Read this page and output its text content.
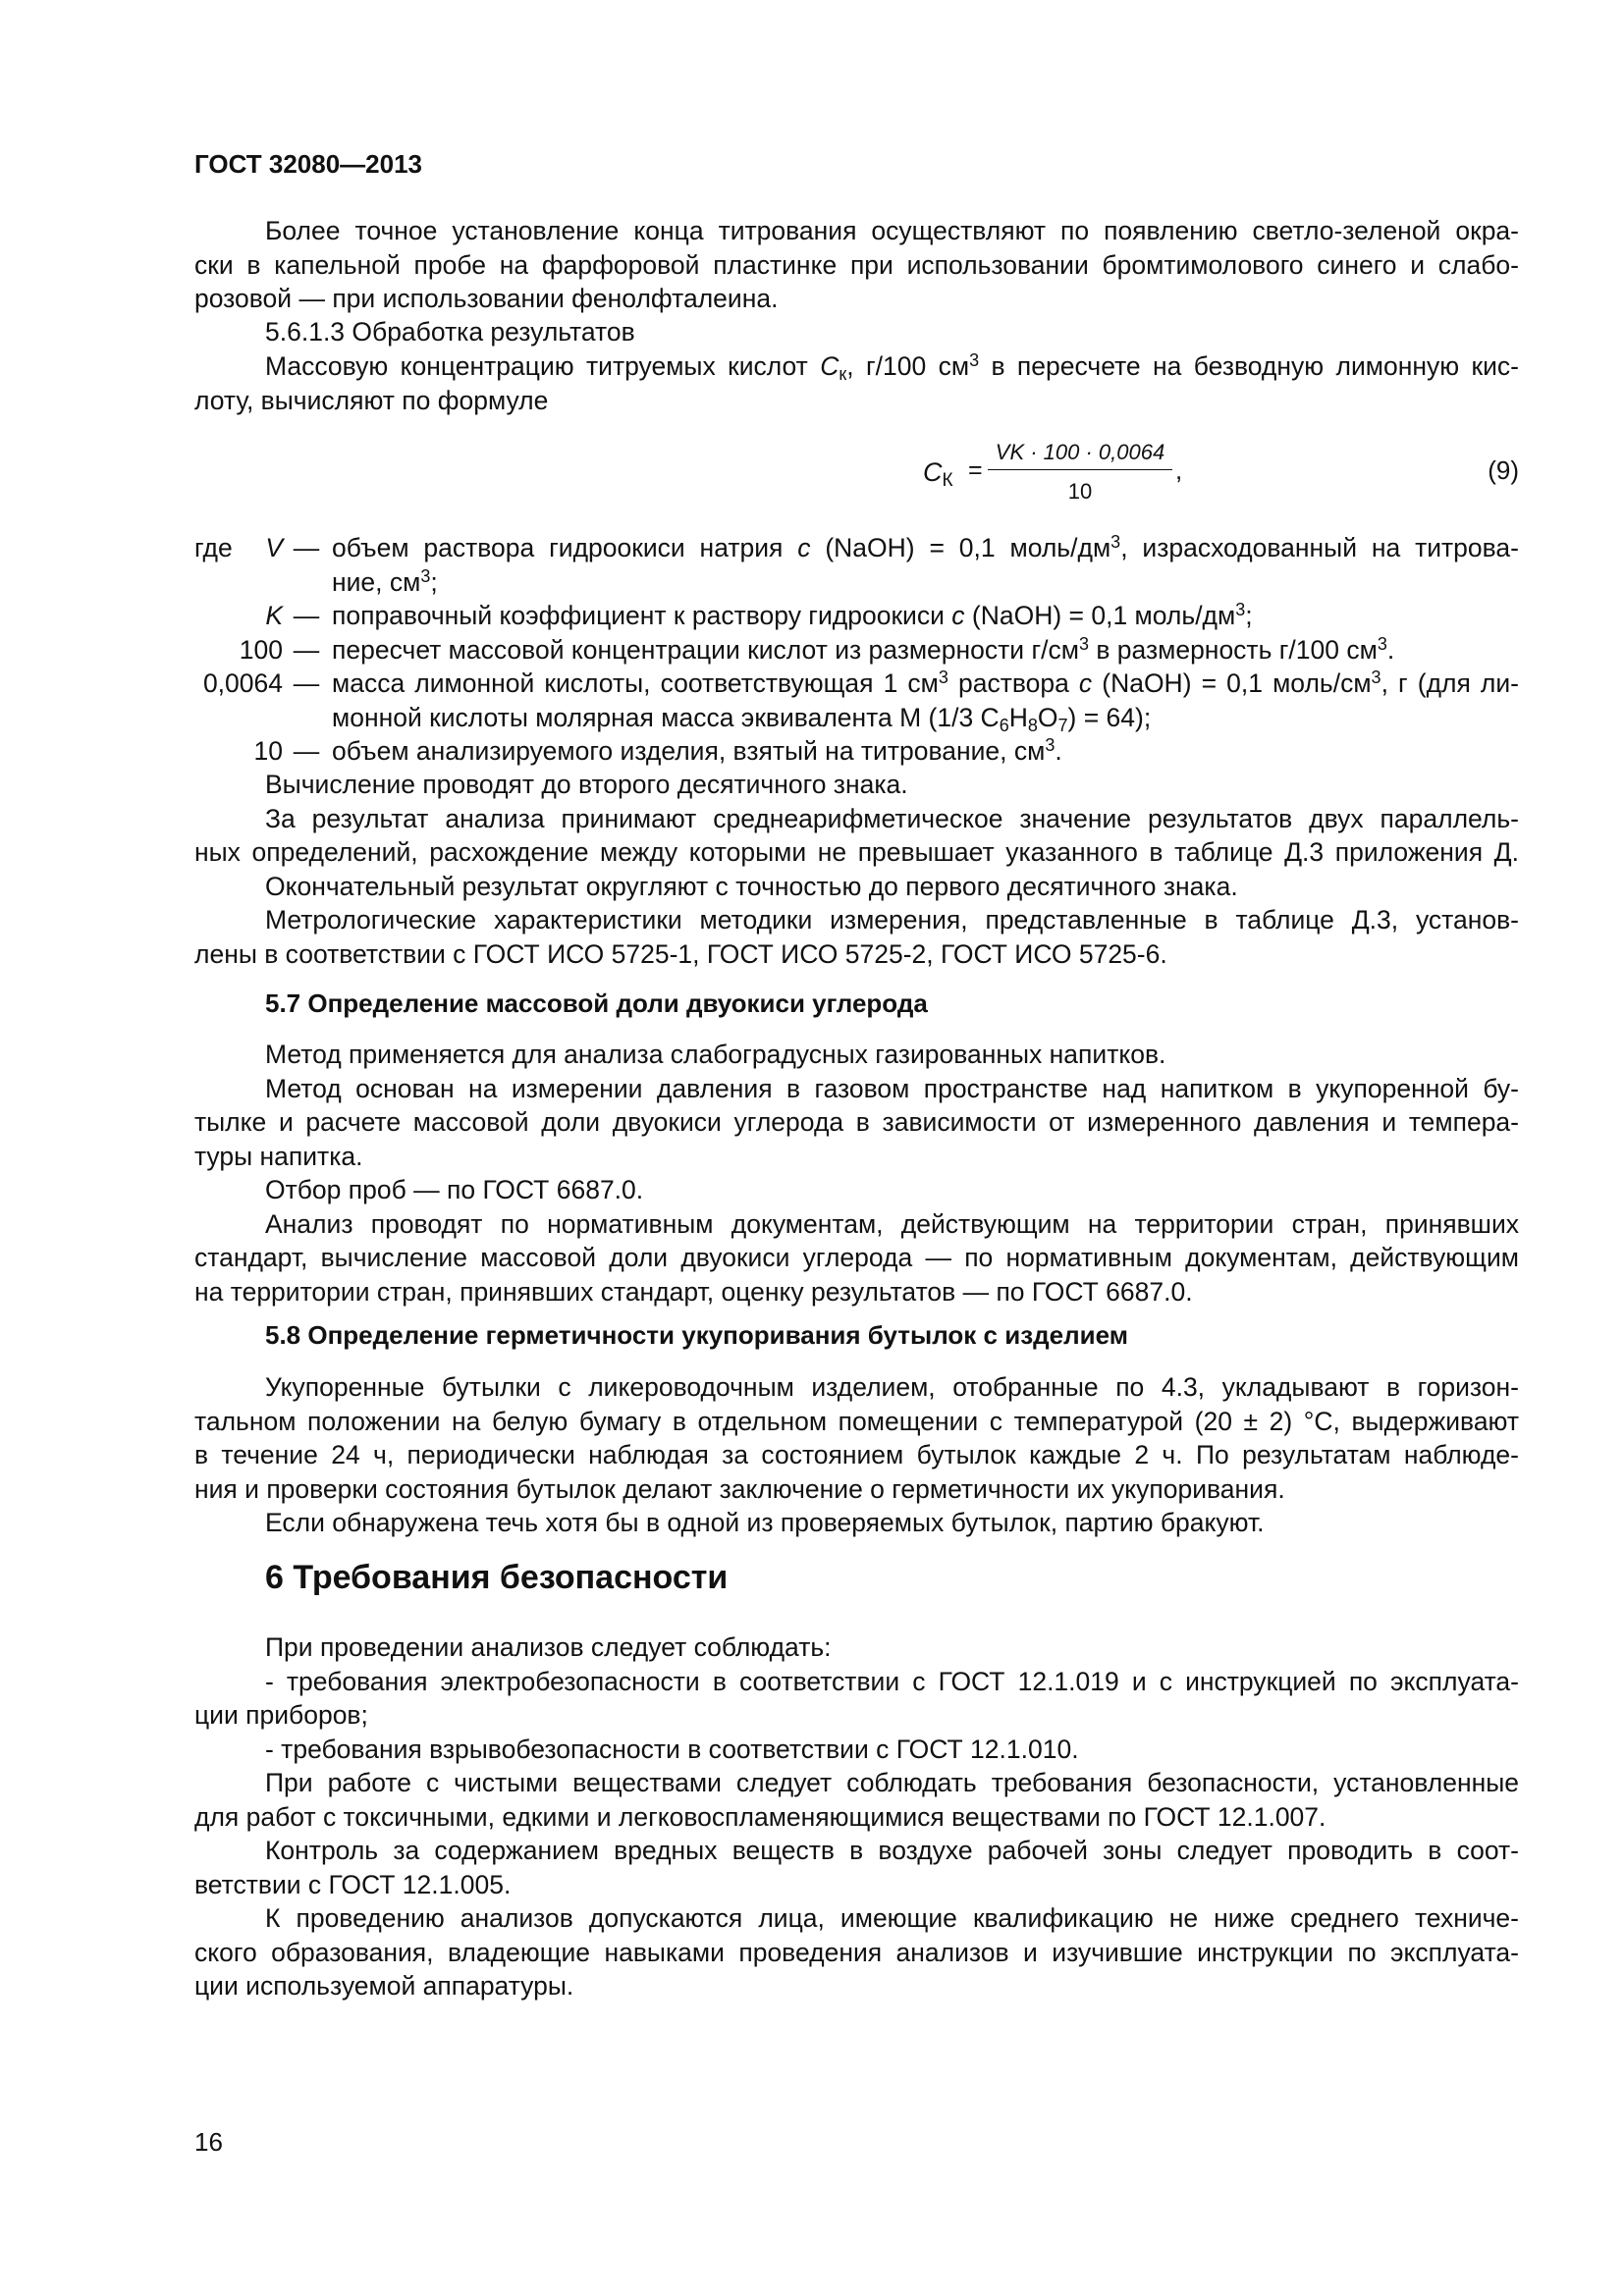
ГОСТ 32080—2013
Более точное установление конца титрования осуществляют по появлению светло-зеленой окра-
ски в капельной пробе на фарфоровой пластинке при использовании бромтимолового синего и слабо-
розовой — при использовании фенолфталеина.
5.6.1.3 Обработка результатов
Массовую концентрацию титруемых кислот $С_к$, г/100 $см^3$ в пересчете на безводную лимонную кис-
лоту, вычисляют по формуле
$С_К$ =
VK · 100 · 0,0064
10
,	(9)
где	V — объем раствора гидроокиси натрия c (NaOH) = 0,1 моль/$дм^3$, израсходованный на титрова-
ние, $см^3$;
K — поправочный коэффициент к раствору гидроокиси c (NaOH) = 0,1 моль/$дм^3$;
100 — пересчет массовой концентрации кислот из размерности $г/см^3$ в размерность г/100 $см^3$.
0,0064 — масса лимонной кислоты, соответствующая 1 $см^3$ раствора c (NaOH) = 0,1 моль/$см^3$, г (для ли-
монной кислоты молярная масса эквивалента М (1/3 $С_6Н_8О_7) = 64$);
10 — объем анализируемого изделия, взятый на титрование, $см^3$.
Вычисление проводят до второго десятичного знака.
За результат анализа принимают среднеарифметическое значение результатов двух параллель-
ных определений, расхождение между которыми не превышает указанного в таблице Д.3 приложения Д.
Окончательный результат округляют с точностью до первого десятичного знака.
Метрологические характеристики методики измерения, представленные в таблице Д.3, установ-
лены в соответствии с ГОСТ ИСО 5725-1, ГОСТ ИСО 5725-2, ГОСТ ИСО 5725-6.
5.7 Определение массовой доли двуокиси углерода
Метод применяется для анализа слабоградусных газированных напитков.
Метод основан на измерении давления в газовом пространстве над напитком в укупоренной бу-
тылке и расчете массовой доли двуокиси углерода в зависимости от измеренного давления и темпера-
туры напитка.
Отбор проб — по ГОСТ 6687.0.
Анализ проводят по нормативным документам, действующим на территории стран, принявших
стандарт, вычисление массовой доли двуокиси углерода — по нормативным документам, действующим
на территории стран, принявших стандарт, оценку результатов — по ГОСТ 6687.0.
5.8 Определение герметичности укупоривания бутылок с изделием
Укупоренные бутылки с ликероводочным изделием, отобранные по 4.3, укладывают в горизон-
тальном положении на белую бумагу в отдельном помещении с температурой (20 ± 2) °С, выдерживают
в течение 24 ч, периодически наблюдая за состоянием бутылок каждые 2 ч. По результатам наблюде-
ния и проверки состояния бутылок делают заключение о герметичности их укупоривания.
Если обнаружена течь хотя бы в одной из проверяемых бутылок, партию бракуют.
6 Требования безопасности
При проведении анализов следует соблюдать:
- требования электробезопасности в соответствии с ГОСТ 12.1.019 и с инструкцией по эксплуата-
ции приборов;
- требования взрывобезопасности в соответствии с ГОСТ 12.1.010.
При работе с чистыми веществами следует соблюдать требования безопасности, установленные
для работ с токсичными, едкими и легковоспламеняющимися веществами по ГОСТ 12.1.007.
Контроль за содержанием вредных веществ в воздухе рабочей зоны следует проводить в соот-
ветствии с ГОСТ 12.1.005.
К проведению анализов допускаются лица, имеющие квалификацию не ниже среднего техниче-
ского образования, владеющие навыками проведения анализов и изучившие инструкции по эксплуата-
ции используемой аппаратуры.
16
